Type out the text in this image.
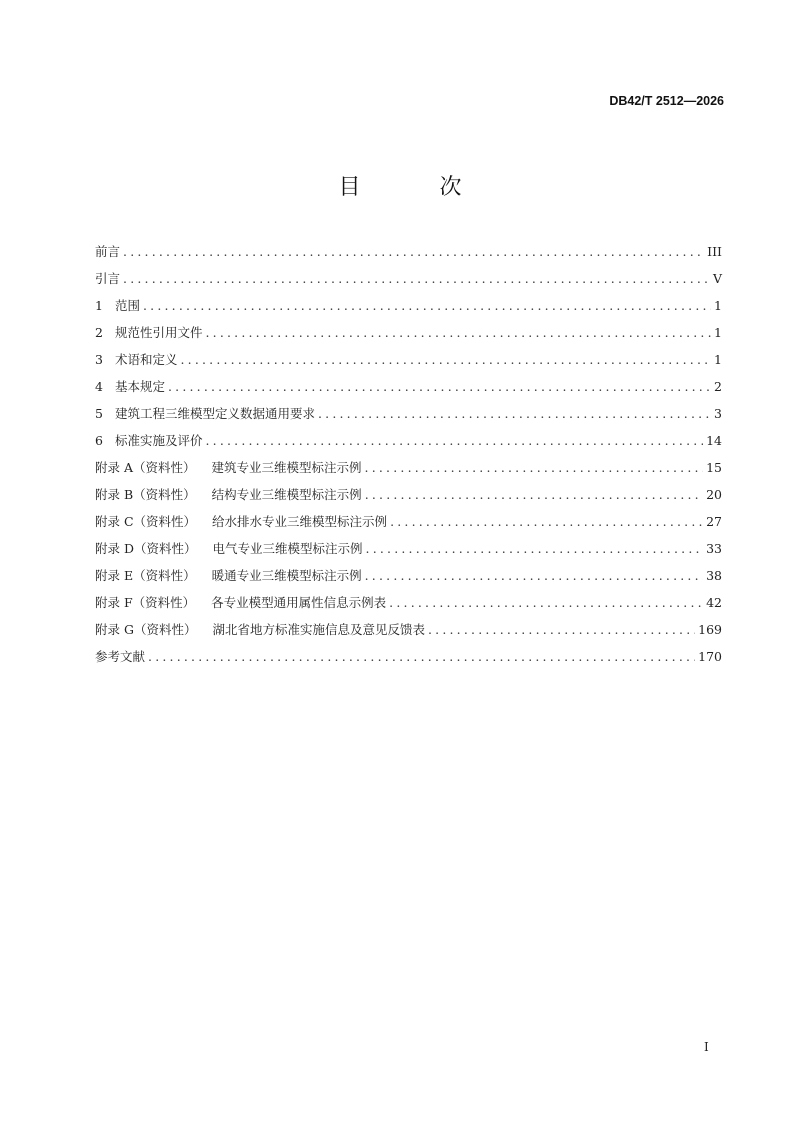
DB42/T 2512—2026
目 次
前言 .....	III
引言 .....	V
1 范围 .....	1
2 规范性引用文件 .....	1
3 术语和定义 .....	1
4 基本规定 .....	2
5 建筑工程三维模型定义数据通用要求 .....	3
6 标准实施及评价 .....	14
附录 A（资料性） 建筑专业三维模型标注示例 .....	15
附录 B（资料性） 结构专业三维模型标注示例 .....	20
附录 C（资料性） 给水排水专业三维模型标注示例 .....	27
附录 D（资料性） 电气专业三维模型标注示例 .....	33
附录 E（资料性） 暖通专业三维模型标注示例 .....	38
附录 F（资料性） 各专业模型通用属性信息示例表 .....	42
附录 G（资料性） 湖北省地方标准实施信息及意见反馈表 .....	169
参考文献 .....	170
I
